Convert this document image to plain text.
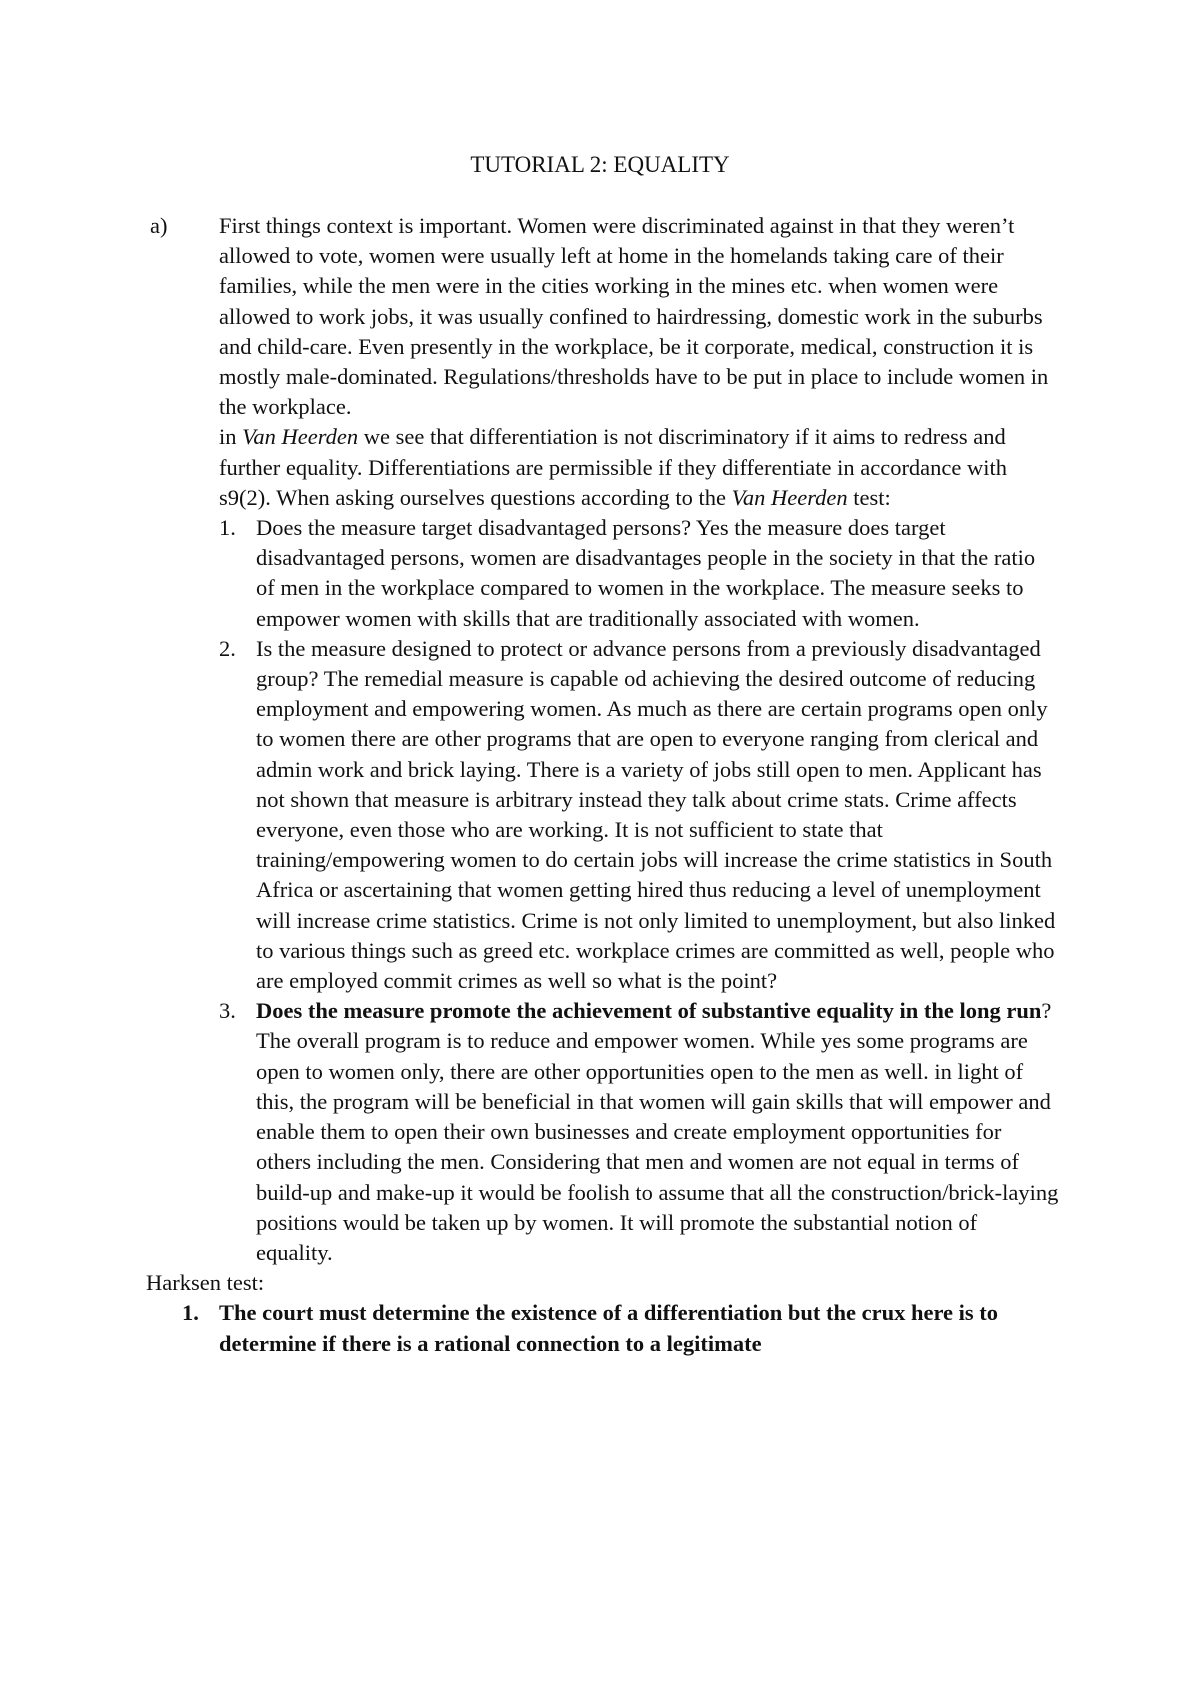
TUTORIAL 2: EQUALITY
a) First things context is important. Women were discriminated against in that they weren’t allowed to vote, women were usually left at home in the homelands taking care of their families, while the men were in the cities working in the mines etc. when women were allowed to work jobs, it was usually confined to hairdressing, domestic work in the suburbs and child-care. Even presently in the workplace, be it corporate, medical, construction it is mostly male-dominated. Regulations/thresholds have to be put in place to include women in the workplace.

in Van Heerden we see that differentiation is not discriminatory if it aims to redress and further equality. Differentiations are permissible if they differentiate in accordance with s9(2). When asking ourselves questions according to the Van Heerden test:

1. Does the measure target disadvantaged persons? Yes the measure does target disadvantaged persons, women are disadvantages people in the society in that the ratio of men in the workplace compared to women in the workplace. The measure seeks to empower women with skills that are traditionally associated with women.
2. Is the measure designed to protect or advance persons from a previously disadvantaged group? The remedial measure is capable od achieving the desired outcome of reducing employment and empowering women. As much as there are certain programs open only to women there are other programs that are open to everyone ranging from clerical and admin work and brick laying. There is a variety of jobs still open to men. Applicant has not shown that measure is arbitrary instead they talk about crime stats. Crime affects everyone, even those who are working. It is not sufficient to state that training/empowering women to do certain jobs will increase the crime statistics in South Africa or ascertaining that women getting hired thus reducing a level of unemployment will increase crime statistics. Crime is not only limited to unemployment, but also linked to various things such as greed etc. workplace crimes are committed as well, people who are employed commit crimes as well so what is the point?
3. Does the measure promote the achievement of substantive equality in the long run? The overall program is to reduce and empower women. While yes some programs are open to women only, there are other opportunities open to the men as well. in light of this, the program will be beneficial in that women will gain skills that will empower and enable them to open their own businesses and create employment opportunities for others including the men. Considering that men and women are not equal in terms of build-up and make-up it would be foolish to assume that all the construction/brick-laying positions would be taken up by women. It will promote the substantial notion of equality.
Harksen test:
1. The court must determine the existence of a differentiation but the crux here is to determine if there is a rational connection to a legitimate
